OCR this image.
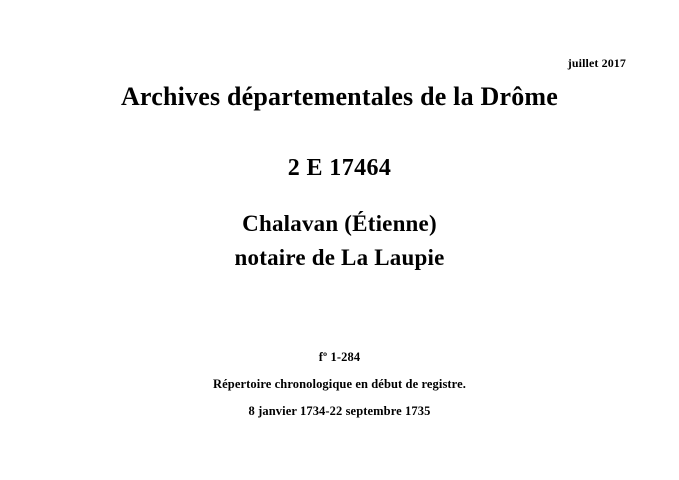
juillet 2017
Archives départementales de la Drôme
2 E 17464
Chalavan (Étienne)
notaire de La Laupie
fº 1-284
Répertoire chronologique en début de registre.
8 janvier 1734-22 septembre 1735
